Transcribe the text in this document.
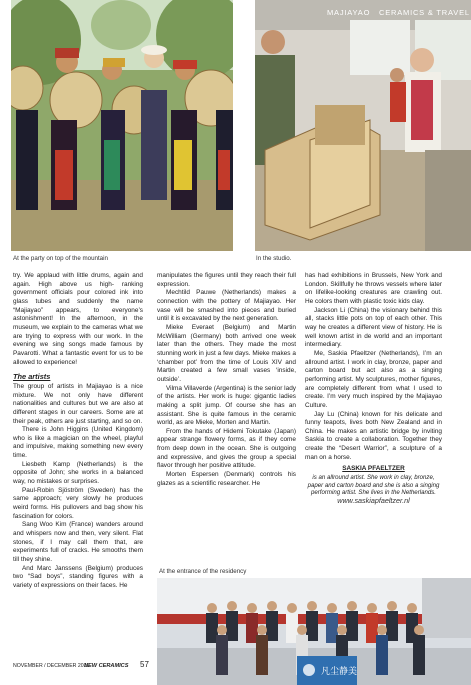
At the party on top of the mountain
MAJIAYAO CERAMICS & TRAVEL
In the studio.

try. We applaud with little drums, again and again. High above us high- ranking government officials pour colored ink into glass tubes and suddenly the name “Majiayao” appears, to everyone’s astonishment! In the afternoon, in the museum, we explain to the cameras what we are trying to express with our work. In the evening we sing songs made famous by Pavarotti. What a fantastic event for us to be allowed to experience!

The artists

The group of artists in Majiayao is a nice mixture. We not only have different nationalities and cultures but we are also at different stages in our careers. Some are at their peak, others are just starting, and so on.

There is John Higgins (United Kingdom) who is like a magician on the wheel, playful and impulsive, making something new every time.

Liesbeth Kamp (Netherlands) is the opposite of John; she works in a balanced way, no mistakes or surprises.

Paul-Robin Sjöström (Sweden) has the same approach; very slowly he produces weird forms. His pullovers and bag show his fascination for colors.

Sang Woo Kim (France) wanders around and whispers now and then, very silent. Flat stones, if I may call them that, are experiments full of cracks. He smooths them till they shine.

And Marc Janssens (Belgium) produces two “Sad boys”, standing figures with a variety of expressions on their faces. He

manipulates the figures until they reach their full expression.

Mechtild Pauwe (Netherlands) makes a connection with the pottery of Majiayao. Her vase will be smashed into pieces and buried until it is excavated by the next generation.

Mieke Everaet (Belgium) and Martin McWilliam (Germany) both arrived one week later than the others. They made the most stunning work in just a few days. Mieke makes a ‘chamber pot’ from the time of Louis XIV and Martin created a few small vases ‘inside, outside’.

Vilma Villaverde (Argentina) is the senior lady of the artists. Her work is huge: gigantic ladies making a split jump. Of course she has an assistant. She is quite famous in the ceramic world, as are Mieke, Morten and Martin.

From the hands of Hidemi Tokutake (Japan) appear strange flowery forms, as if they come from deep down in the ocean. She is outgoing and expressive, and gives the group a special flavor through her positive attitude.

Morten Espersen (Denmark) controls his glazes as a scientific researcher. He

has had exhibitions in Brussels, New York and London. Skillfully he throws vessels where later on lifelike-looking creatures are crawling out. He colors them with plastic toxic kids clay.

Jackson Li (China) the visionary behind this all, stacks little pots on top of each other. This way he creates a different view of history. He is well known artist in de world and an important intermediary.

Me, Saskia Pfaeltzer (Netherlands), I’m an allround artist. I work in clay, bronze, paper and carton board but act also as a singing performing artist. My sculptures, mother figures, are completely different from what I used to create. I’m very much inspired by the Majiayao Culture.

Jay Lu (China) known for his delicate and funny teapots, lives both New Zealand and in China. He makes an artistic bridge by inviting Saskia to create a collaboration. Together they create the “Desert Warrior”, a sculpture of a man on a horse.

SASKIA PFAELTZER
is an allround artist. She work in clay, bronze, paper and carton board and she is also a singing performing artist. She lives in the Netherlands.
www.saskiapfaeltzer.nl
At the entrance of the residency
凡尘静美
NOVEMBER / DECEMBER 2019
NEW CERAMICS 57
